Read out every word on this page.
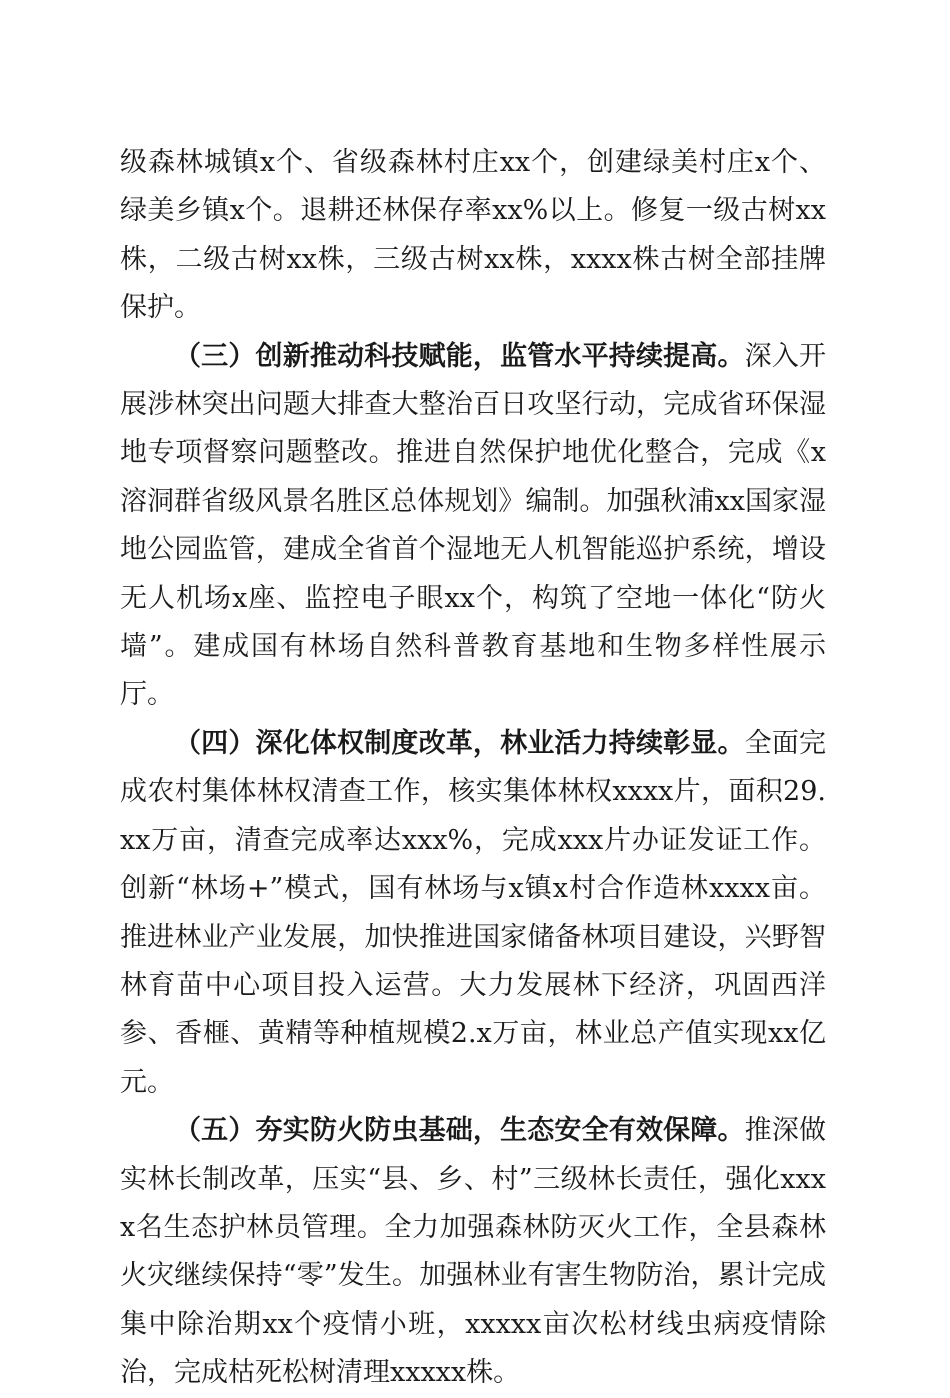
级森林城镇x个、省级森林村庄xx个，创建绿美村庄x个、绿美乡镇x个。退耕还林保存率xx%以上。修复一级古树xx株，二级古树xx株，三级古树xx株，xxxx株古树全部挂牌保护。

（三）创新推动科技赋能，监管水平持续提高。深入开展涉林突出问题大排查大整治百日攻坚行动，完成省环保湿地专项督察问题整改。推进自然保护地优化整合，完成《x溶洞群省级风景名胜区总体规划》编制。加强秋浦xx国家湿地公园监管，建成全省首个湿地无人机智能巡护系统，增设无人机场x座、监控电子眼xx个，构筑了空地一体化“防火墙”。建成国有林场自然科普教育基地和生物多样性展示厅。

（四）深化体权制度改革，林业活力持续彰显。全面完成农村集体林权清查工作，核实集体林权xxxx片，面积29.xx万亩，清查完成率达xxx%，完成xxx片办证发证工作。创新“林场+”模式，国有林场与x镇x村合作造林xxxx亩。推进林业产业发展，加快推进国家储备林项目建设，兴野智林育苗中心项目投入运营。大力发展林下经济，巩固西洋参、香榧、黄精等种植规模2.x万亩，林业总产值实现xx亿元。

（五）夯实防火防虫基础，生态安全有效保障。推深做实林长制改革，压实“县、乡、村”三级林长责任，强化xxxx名生态护林员管理。全力加强森林防灭火工作，全县森林火灾继续保持“零”发生。加强林业有害生物防治，累计完成集中除治期xx个疫情小班，xxxxx亩次松材线虫病疫情除治，完成枯死松树清理xxxxx株。
